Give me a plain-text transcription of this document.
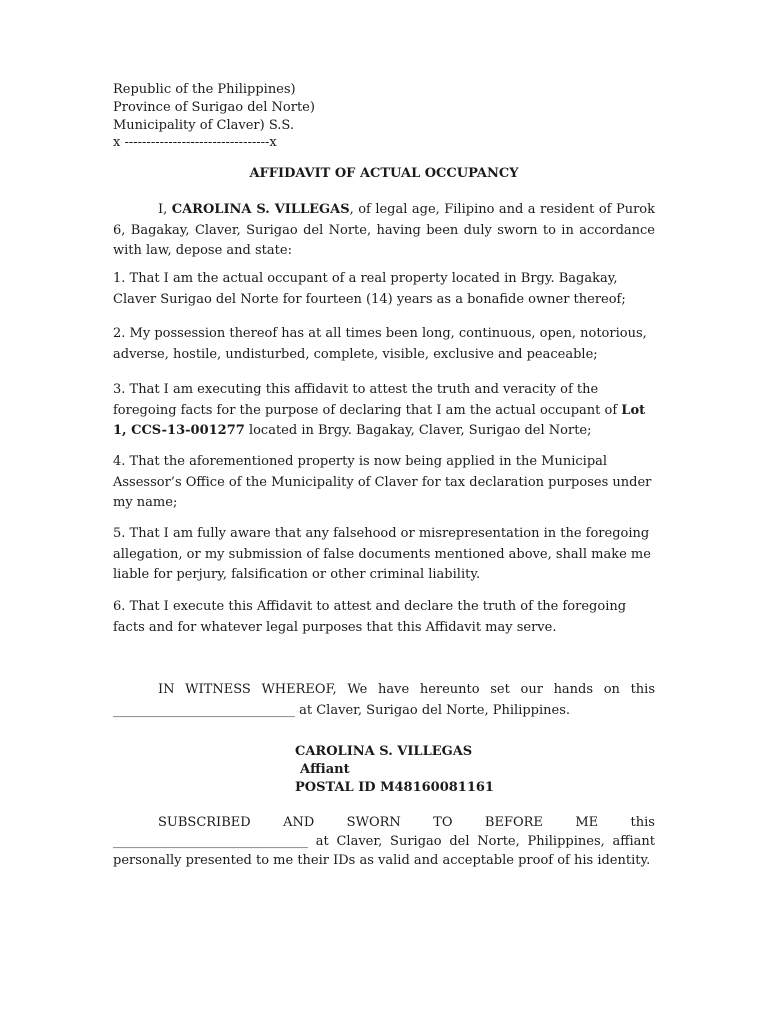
Republic of the Philippines)
Province of Surigao del Norte)
Municipality of Claver) S.S.
x ---------------------------------x
AFFIDAVIT OF ACTUAL OCCUPANCY
I, CAROLINA S. VILLEGAS, of legal age, Filipino and a resident of Purok 6, Bagakay, Claver, Surigao del Norte, having been duly sworn to in accordance with law, depose and state:
1. That I am the actual occupant of a real property located in Brgy. Bagakay, Claver Surigao del Norte for fourteen (14) years as a bonafide owner thereof;
2. My possession thereof has at all times been long, continuous, open, notorious, adverse, hostile, undisturbed, complete, visible, exclusive and peaceable;
3. That I am executing this affidavit to attest the truth and veracity of the foregoing facts for the purpose of declaring that I am the actual occupant of Lot 1, CCS-13-001277 located in Brgy. Bagakay, Claver, Surigao del Norte;
4. That the aforementioned property is now being applied in the Municipal Assessor’s Office of the Municipality of Claver for tax declaration purposes under my name;
5. That I am fully aware that any falsehood or misrepresentation in the foregoing allegation, or my submission of false documents mentioned above, shall make me liable for perjury, falsification or other criminal liability.
6. That I execute this Affidavit to attest and declare the truth of the foregoing facts and for whatever legal purposes that this Affidavit may serve.
IN WITNESS WHEREOF, We have hereunto set our hands on this ____________________________ at Claver, Surigao del Norte, Philippines.
CAROLINA S. VILLEGAS
Affiant
POSTAL ID M48160081161
SUBSCRIBED AND SWORN TO BEFORE ME this
______________________________ at Claver, Surigao del Norte, Philippines, affiant personally presented to me their IDs as valid and acceptable proof of his identity.
